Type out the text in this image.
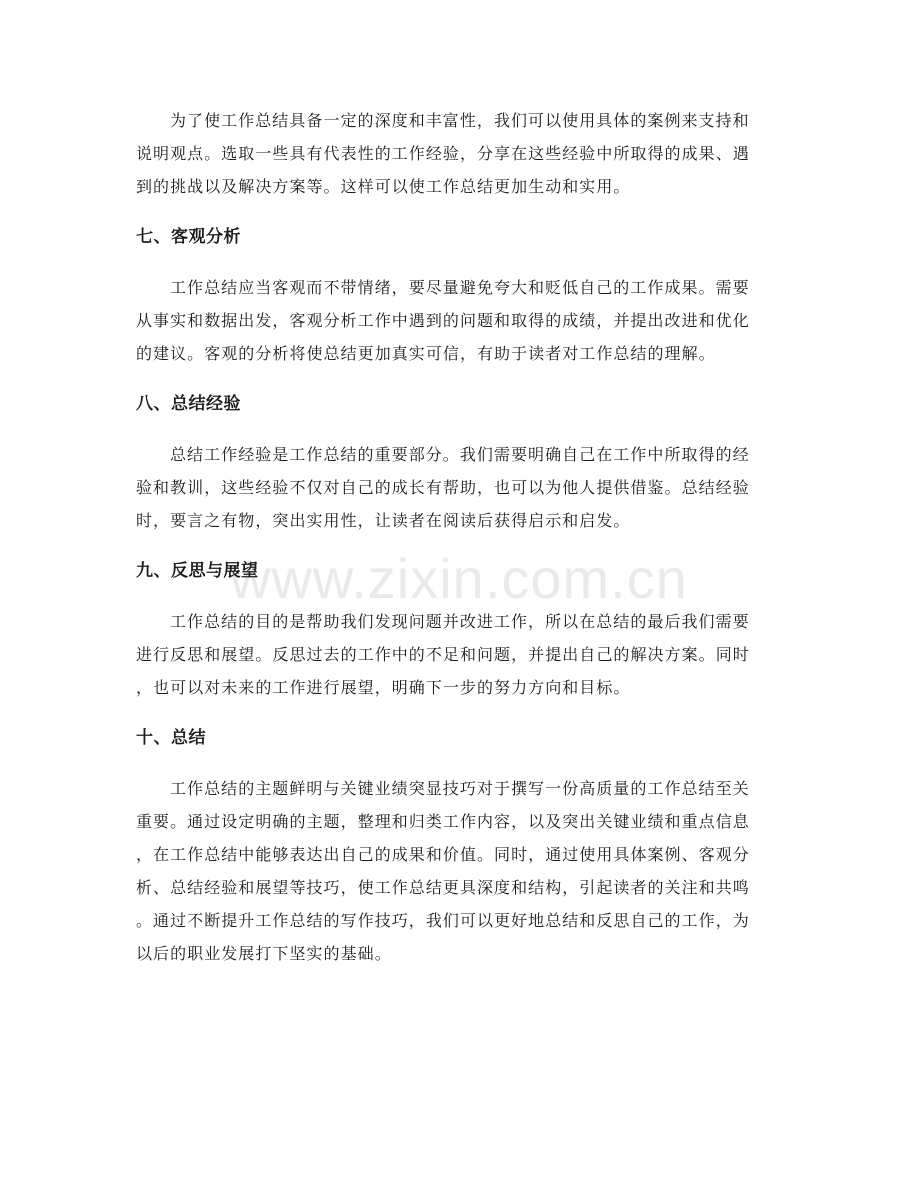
www.zixin.com.cn

为了使工作总结具备一定的深度和丰富性，我们可以使用具体的案例来支持和
说明观点。选取一些具有代表性的工作经验，分享在这些经验中所取得的成果、遇
到的挑战以及解决方案等。这样可以使工作总结更加生动和实用。

七、客观分析

工作总结应当客观而不带情绪，要尽量避免夸大和贬低自己的工作成果。需要
从事实和数据出发，客观分析工作中遇到的问题和取得的成绩，并提出改进和优化
的建议。客观的分析将使总结更加真实可信，有助于读者对工作总结的理解。

八、总结经验

总结工作经验是工作总结的重要部分。我们需要明确自己在工作中所取得的经
验和教训，这些经验不仅对自己的成长有帮助，也可以为他人提供借鉴。总结经验
时，要言之有物，突出实用性，让读者在阅读后获得启示和启发。

九、反思与展望

工作总结的目的是帮助我们发现问题并改进工作，所以在总结的最后我们需要
进行反思和展望。反思过去的工作中的不足和问题，并提出自己的解决方案。同时
，也可以对未来的工作进行展望，明确下一步的努力方向和目标。

十、总结

工作总结的主题鲜明与关键业绩突显技巧对于撰写一份高质量的工作总结至关
重要。通过设定明确的主题，整理和归类工作内容，以及突出关键业绩和重点信息
，在工作总结中能够表达出自己的成果和价值。同时，通过使用具体案例、客观分
析、总结经验和展望等技巧，使工作总结更具深度和结构，引起读者的关注和共鸣
。通过不断提升工作总结的写作技巧，我们可以更好地总结和反思自己的工作，为
以后的职业发展打下坚实的基础。
